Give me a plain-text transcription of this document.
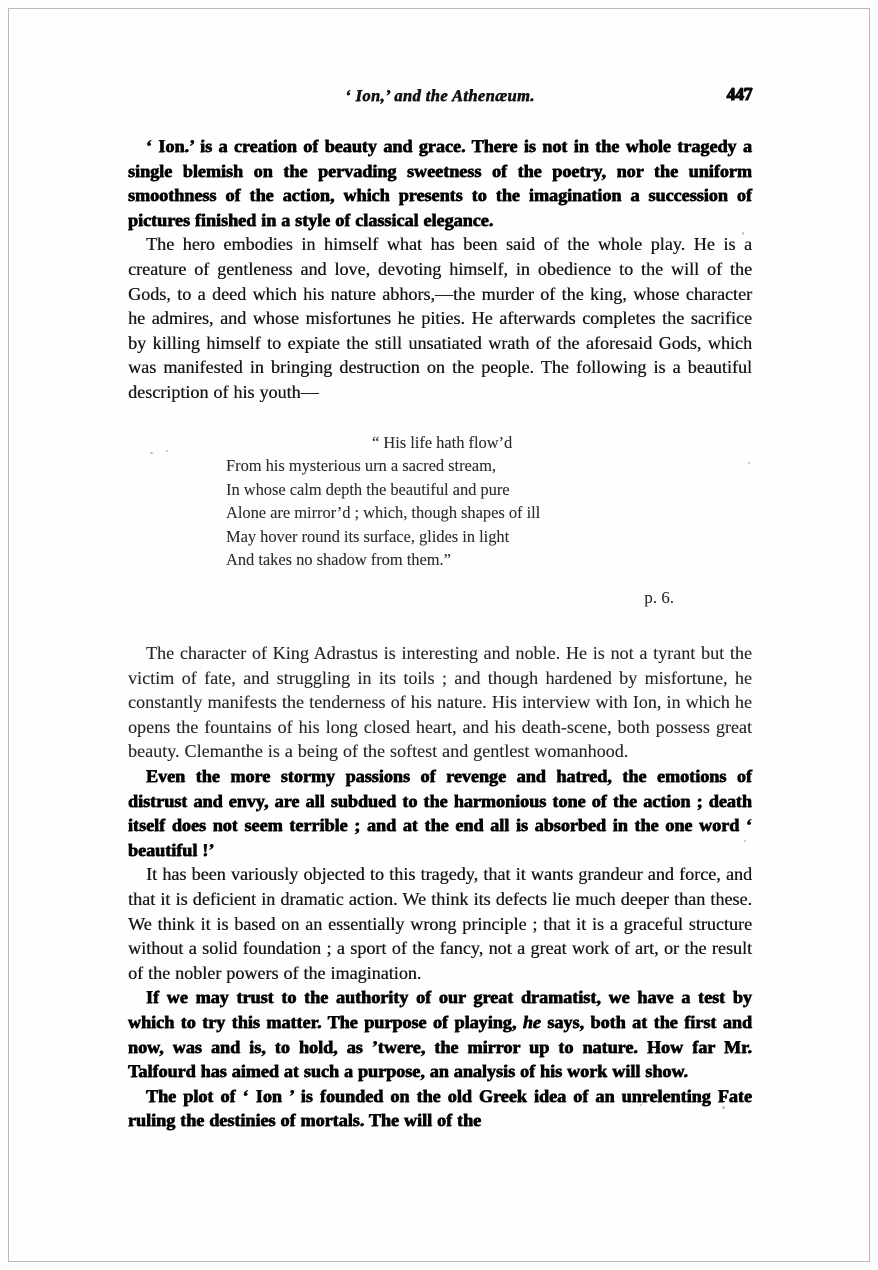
‘ Ion,’ and the Athenæum.	447

‘ Ion.’ is a creation of beauty and grace. There is not in the whole tragedy a single blemish on the pervading sweetness of the poetry, nor the uniform smoothness of the action, which presents to the imagination a succession of pictures finished in a style of classical elegance.

The hero embodies in himself what has been said of the whole play. He is a creature of gentleness and love, devoting himself, in obedience to the will of the Gods, to a deed which his nature abhors,—the murder of the king, whose character he admires, and whose misfortunes he pities. He afterwards completes the sacrifice by killing himself to expiate the still unsatiated wrath of the aforesaid Gods, which was manifested in bringing destruction on the people. The following is a beautiful description of his youth—

“ His life hath flow’d
From his mysterious urn a sacred stream,
In whose calm depth the beautiful and pure
Alone are mirror’d ; which, though shapes of ill
May hover round its surface, glides in light
And takes no shadow from them.”
p. 6.

The character of King Adrastus is interesting and noble. He is not a tyrant but the victim of fate, and struggling in its toils ; and though hardened by misfortune, he constantly manifests the tenderness of his nature. His interview with Ion, in which he opens the fountains of his long closed heart, and his death-scene, both possess great beauty. Clemanthe is a being of the softest and gentlest womanhood.

Even the more stormy passions of revenge and hatred, the emotions of distrust and envy, are all subdued to the harmonious tone of the action ; death itself does not seem terrible ; and at the end all is absorbed in the one word ‘ beautiful !’

It has been variously objected to this tragedy, that it wants grandeur and force, and that it is deficient in dramatic action. We think its defects lie much deeper than these. We think it is based on an essentially wrong principle ; that it is a graceful structure without a solid foundation ; a sport of the fancy, not a great work of art, or the result of the nobler powers of the imagination.

If we may trust to the authority of our great dramatist, we have a test by which to try this matter. The purpose of playing, he says, both at the first and now, was and is, to hold, as ’twere, the mirror up to nature. How far Mr. Talfourd has aimed at such a purpose, an analysis of his work will show.

The plot of ‘ Ion ’ is founded on the old Greek idea of an unrelenting Fate ruling the destinies of mortals. The will of the
